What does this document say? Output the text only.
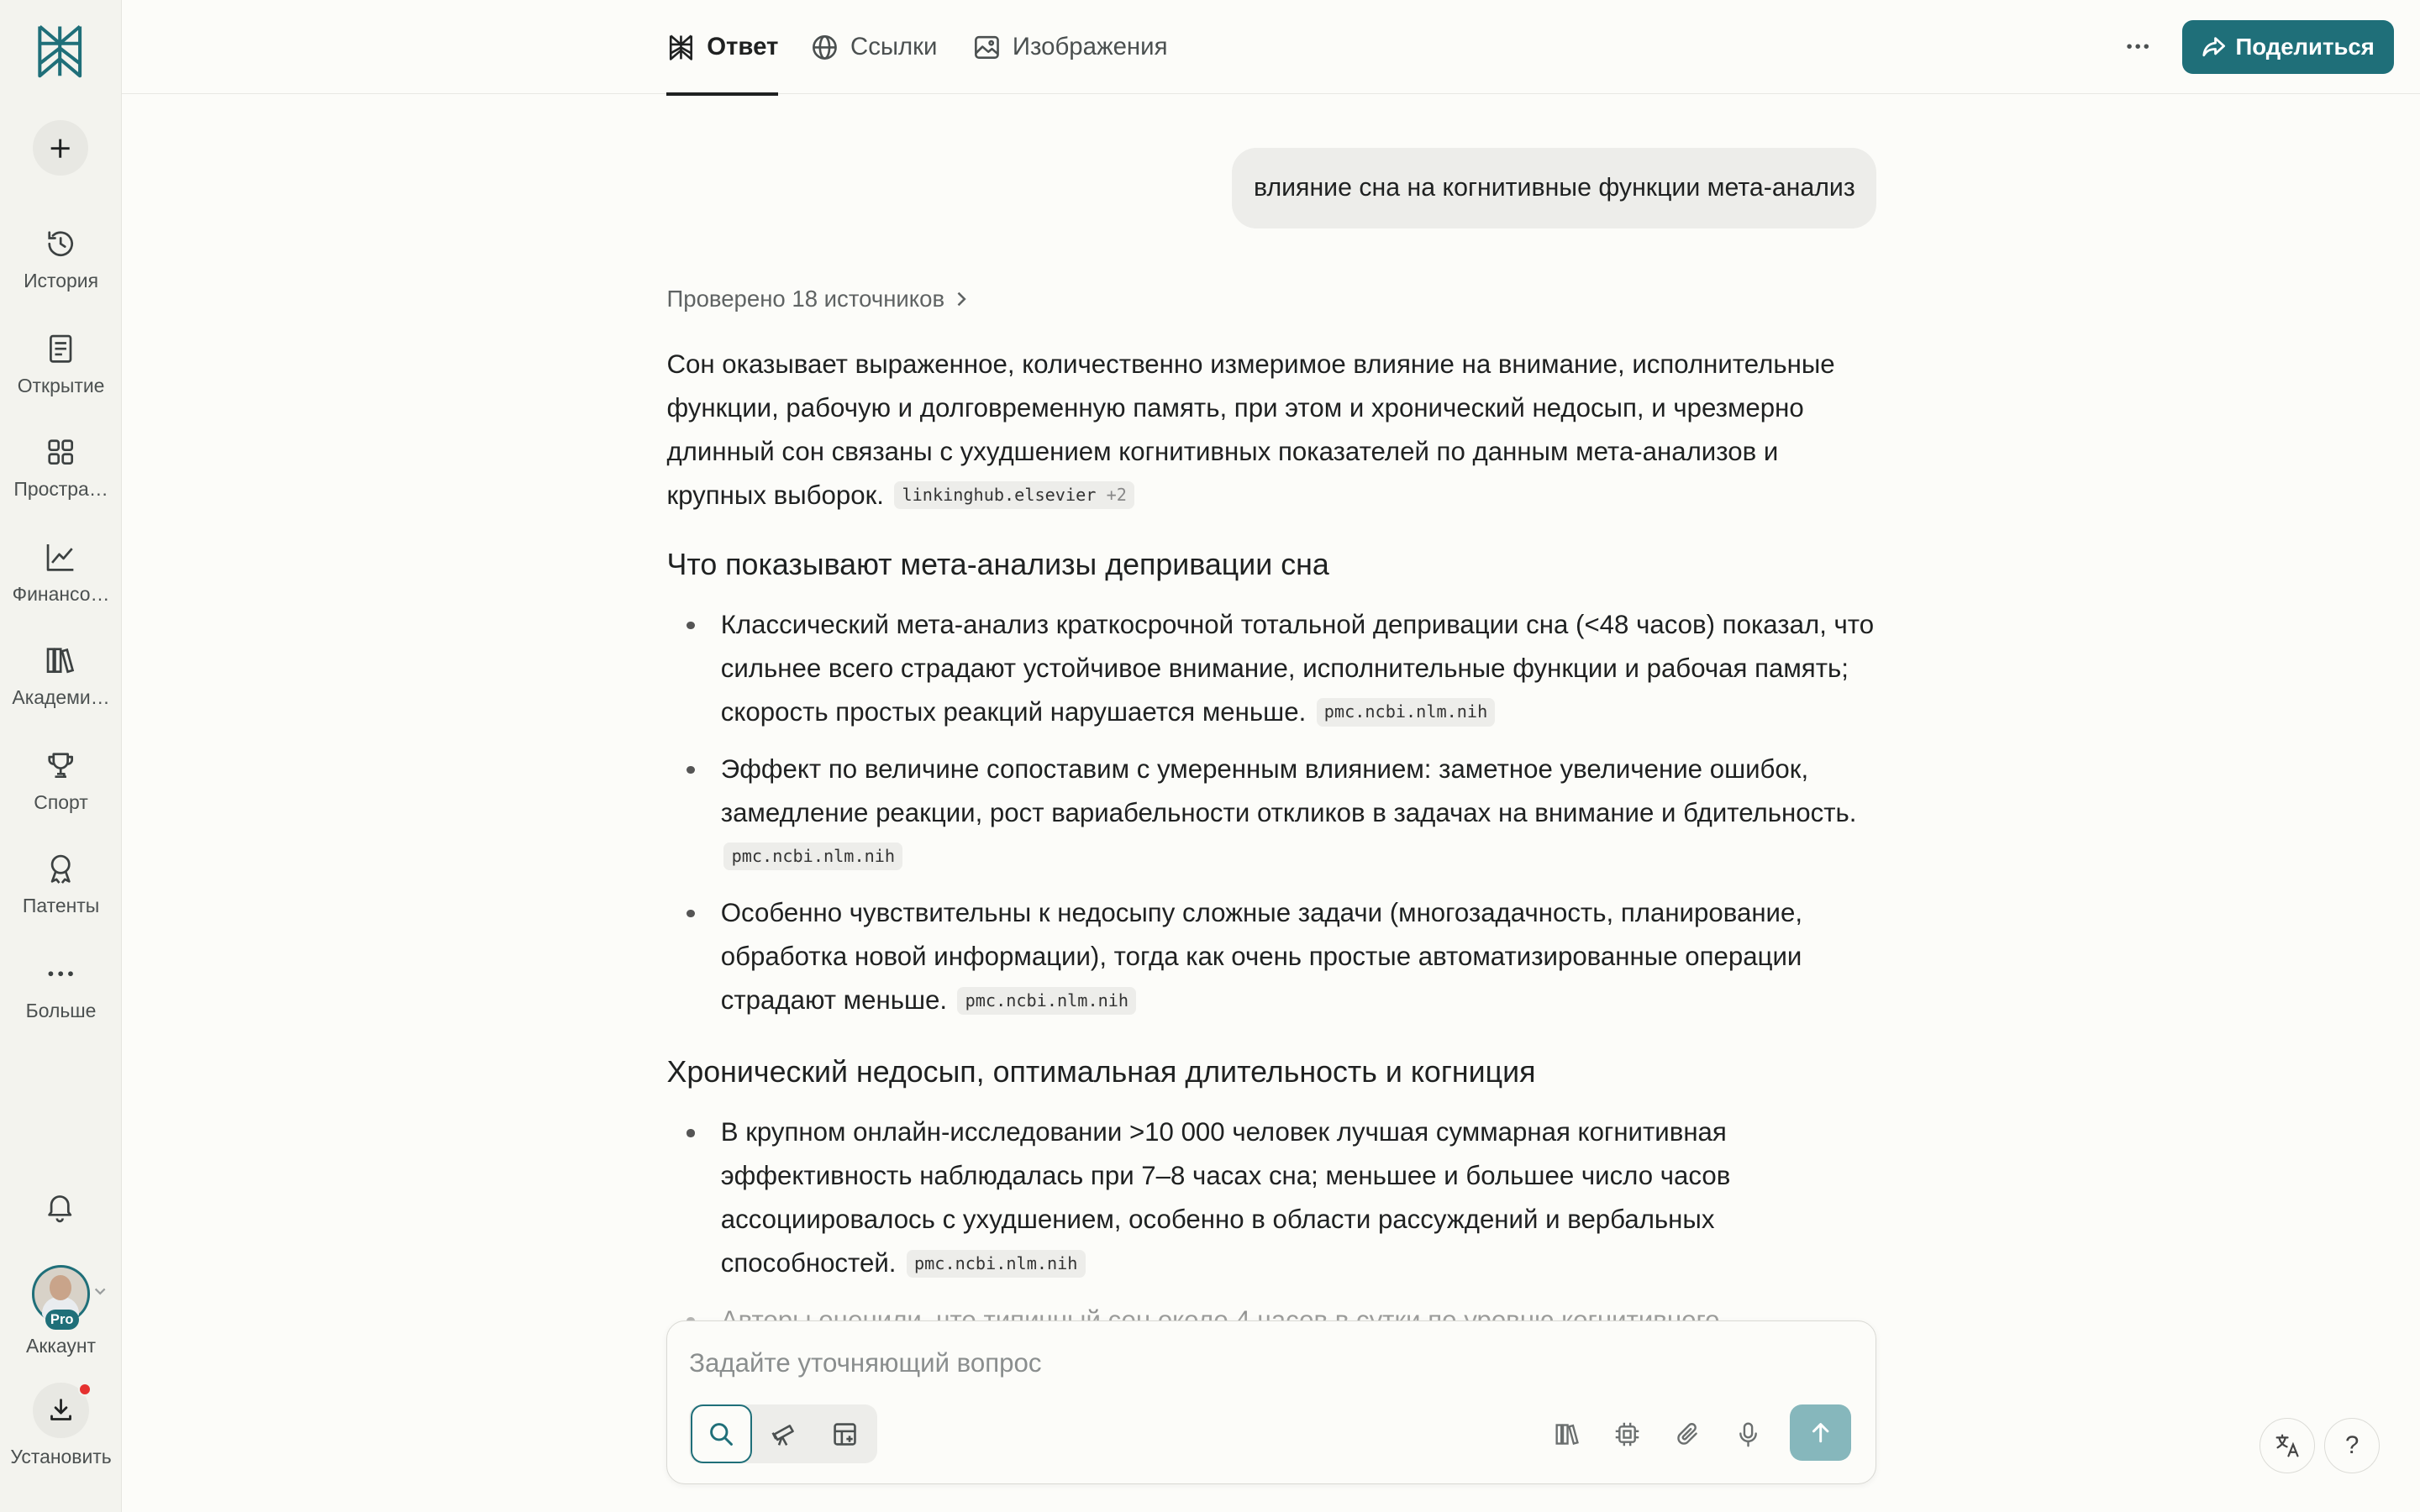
История
Открытие
Простра…
Финансо…
Академи…
Спорт
Патенты
Больше
Pro
Аккаунт
Установить
Ответ	Ссылки	Изображения	Поделиться
влияние сна на когнитивные функции мета-анализ
Проверено 18 источников

Сон оказывает выраженное, количественно измеримое влияние на внимание, исполнительные функции, рабочую и долговременную память, при этом и хронический недосып, и чрезмерно длинный сон связаны с ухудшением когнитивных показателей по данным мета-анализов и крупных выборок. linkinghub.elsevier +2

Что показывают мета-анализы депривации сна
Классический мета-анализ краткосрочной тотальной депривации сна (<48 часов) показал, что сильнее всего страдают устойчивое внимание, исполнительные функции и рабочая память; скорость простых реакций нарушается меньше. pmc.ncbi.nlm.nih
Эффект по величине сопоставим с умеренным влиянием: заметное увеличение ошибок, замедление реакции, рост вариабельности откликов в задачах на внимание и бдительность. pmc.ncbi.nlm.nih
Особенно чувствительны к недосыпу сложные задачи (многозадачность, планирование, обработка новой информации), тогда как очень простые автоматизированные операции страдают меньше. pmc.ncbi.nlm.nih
Хронический недосып, оптимальная длительность и когниция
В крупном онлайн-исследовании >10 000 человек лучшая суммарная когнитивная эффективность наблюдалась при 7–8 часах сна; меньшее и большее число часов ассоциировалось с ухудшением, особенно в области рассуждений и вербальных способностей. pmc.ncbi.nlm.nih
Задайте уточняющий вопрос
?
